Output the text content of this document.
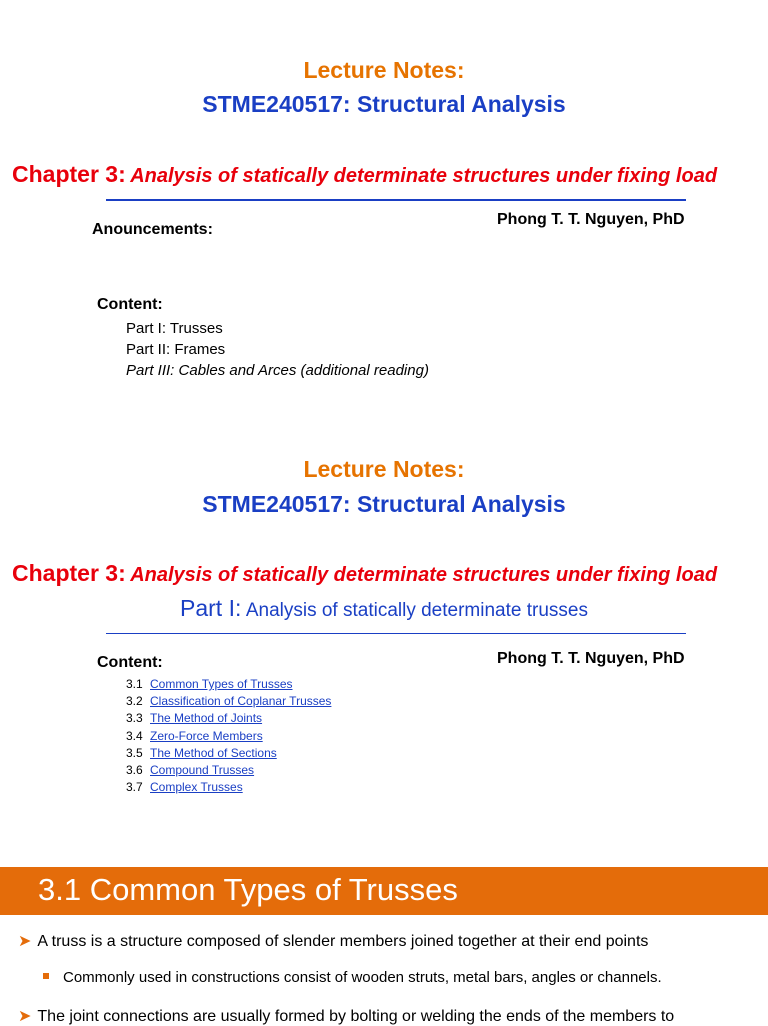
Lecture Notes:
STME240517: Structural Analysis
Chapter 3: Analysis of statically determinate structures under fixing load
Phong T. T. Nguyen, PhD
Anouncements:
Content:
Part I: Trusses
Part II: Frames
Part III: Cables and Arces (additional reading)
Lecture Notes:
STME240517: Structural Analysis
Chapter 3: Analysis of statically determinate structures under fixing load
Part I: Analysis of statically determinate trusses
Content:	Phong T. T. Nguyen, PhD
3.1 Common Types of Trusses
3.2 Classification of Coplanar Trusses
3.3 The Method of Joints
3.4 Zero-Force Members
3.5 The Method of Sections
3.6 Compound Trusses
3.7 Complex Trusses
3.1 Common Types of Trusses
➤ A truss is a structure composed of slender members joined together at their end points
Commonly used in constructions consist of wooden struts, metal bars, angles or channels.
➤ The joint connections are usually formed by bolting or welding the ends of the members to
